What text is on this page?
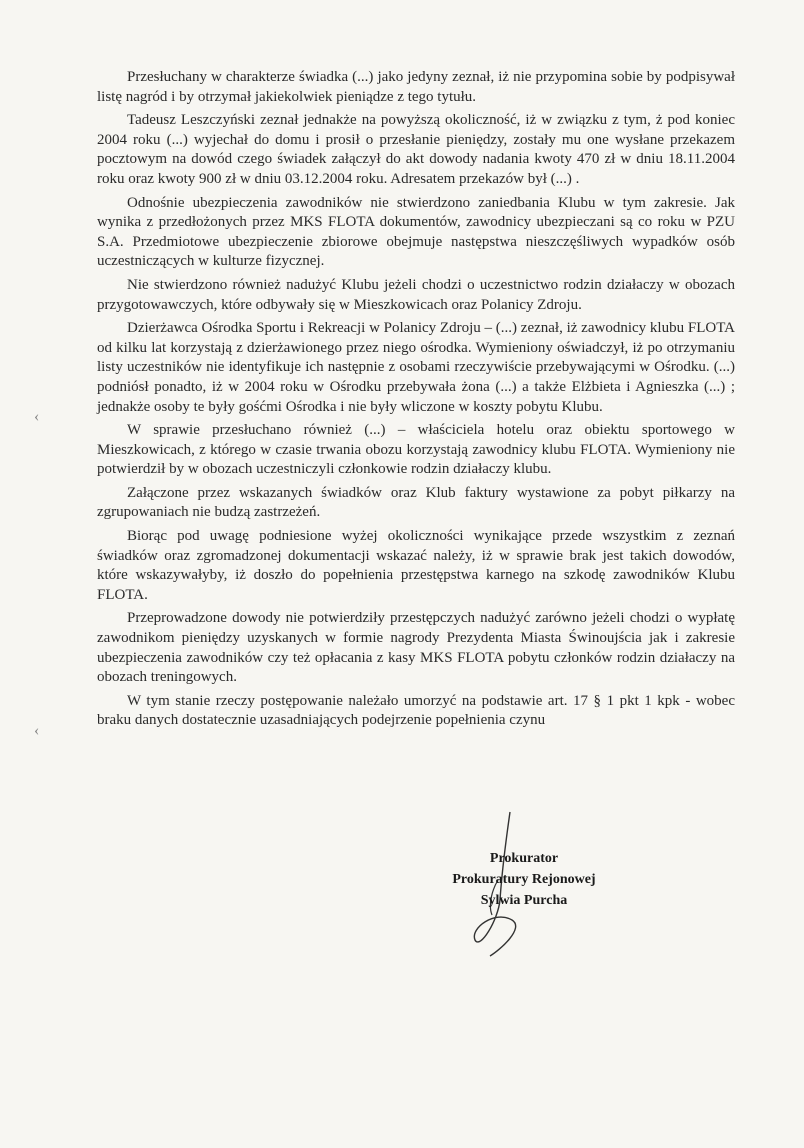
Przesłuchany w charakterze świadka (...) jako jedyny zeznał, iż nie przypomina sobie by podpisywał listę nagród i by otrzymał jakiekolwiek pieniądze z tego tytułu.

Tadeusz Leszczyński zeznał jednakże na powyższą okoliczność, iż w związku z tym, ż pod koniec 2004 roku (...) wyjechał do domu i prosił o przesłanie pieniędzy, zostały mu one wysłane przekazem pocztowym na dowód czego świadek załączył do akt dowody nadania kwoty 470 zł w dniu 18.11.2004 roku oraz kwoty 900 zł w dniu 03.12.2004 roku. Adresatem przekazów był (...) .

Odnośnie ubezpieczenia zawodników nie stwierdzono zaniedbania Klubu w tym zakresie. Jak wynika z przedłożonych przez MKS FLOTA dokumentów, zawodnicy ubezpieczani są co roku w PZU S.A. Przedmiotowe ubezpieczenie zbiorowe obejmuje następstwa nieszczęśliwych wypadków osób uczestniczących w kulturze fizycznej.

Nie stwierdzono również nadużyć Klubu jeżeli chodzi o uczestnictwo rodzin działaczy w obozach przygotowawczych, które odbywały się w Mieszkowicach oraz Polanicy Zdroju.

Dzierżawca Ośrodka Sportu i Rekreacji w Polanicy Zdroju – (...) zeznał, iż zawodnicy klubu FLOTA od kilku lat korzystają z dzierżawionego przez niego ośrodka. Wymieniony oświadczył, iż po otrzymaniu listy uczestników nie identyfikuje ich następnie z osobami rzeczywiście przebywającymi w Ośrodku. (...) podniósł ponadto, iż w 2004 roku w Ośrodku przebywała żona (...) a także Elżbieta i Agnieszka (...) ; jednakże osoby te były gośćmi Ośrodka i nie były wliczone w koszty pobytu Klubu.

W sprawie przesłuchano również (...) – właściciela hotelu oraz obiektu sportowego w Mieszkowicach, z którego w czasie trwania obozu korzystają zawodnicy klubu FLOTA. Wymieniony nie potwierdził by w obozach uczestniczyli członkowie rodzin działaczy klubu.

Załączone przez wskazanych świadków oraz Klub faktury wystawione za pobyt piłkarzy na zgrupowaniach nie budzą zastrzeżeń.

Biorąc pod uwagę podniesione wyżej okoliczności wynikające przede wszystkim z zeznań świadków oraz zgromadzonej dokumentacji wskazać należy, iż w sprawie brak jest takich dowodów, które wskazywałyby, iż doszło do popełnienia przestępstwa karnego na szkodę zawodników Klubu FLOTA.

Przeprowadzone dowody nie potwierdziły przestępczych nadużyć zarówno jeżeli chodzi o wypłatę zawodnikom pieniędzy uzyskanych w formie nagrody Prezydenta Miasta Świnoujścia jak i zakresie ubezpieczenia zawodników czy też opłacania z kasy MKS FLOTA pobytu członków rodzin działaczy na obozach treningowych.

W tym stanie rzeczy postępowanie należało umorzyć na podstawie art. 17 § 1 pkt 1 kpk - wobec braku danych dostatecznie uzasadniających podejrzenie popełnienia czynu

Prokurator
Prokuratury Rejonowej
Sylwia Purcha
‹
‹
